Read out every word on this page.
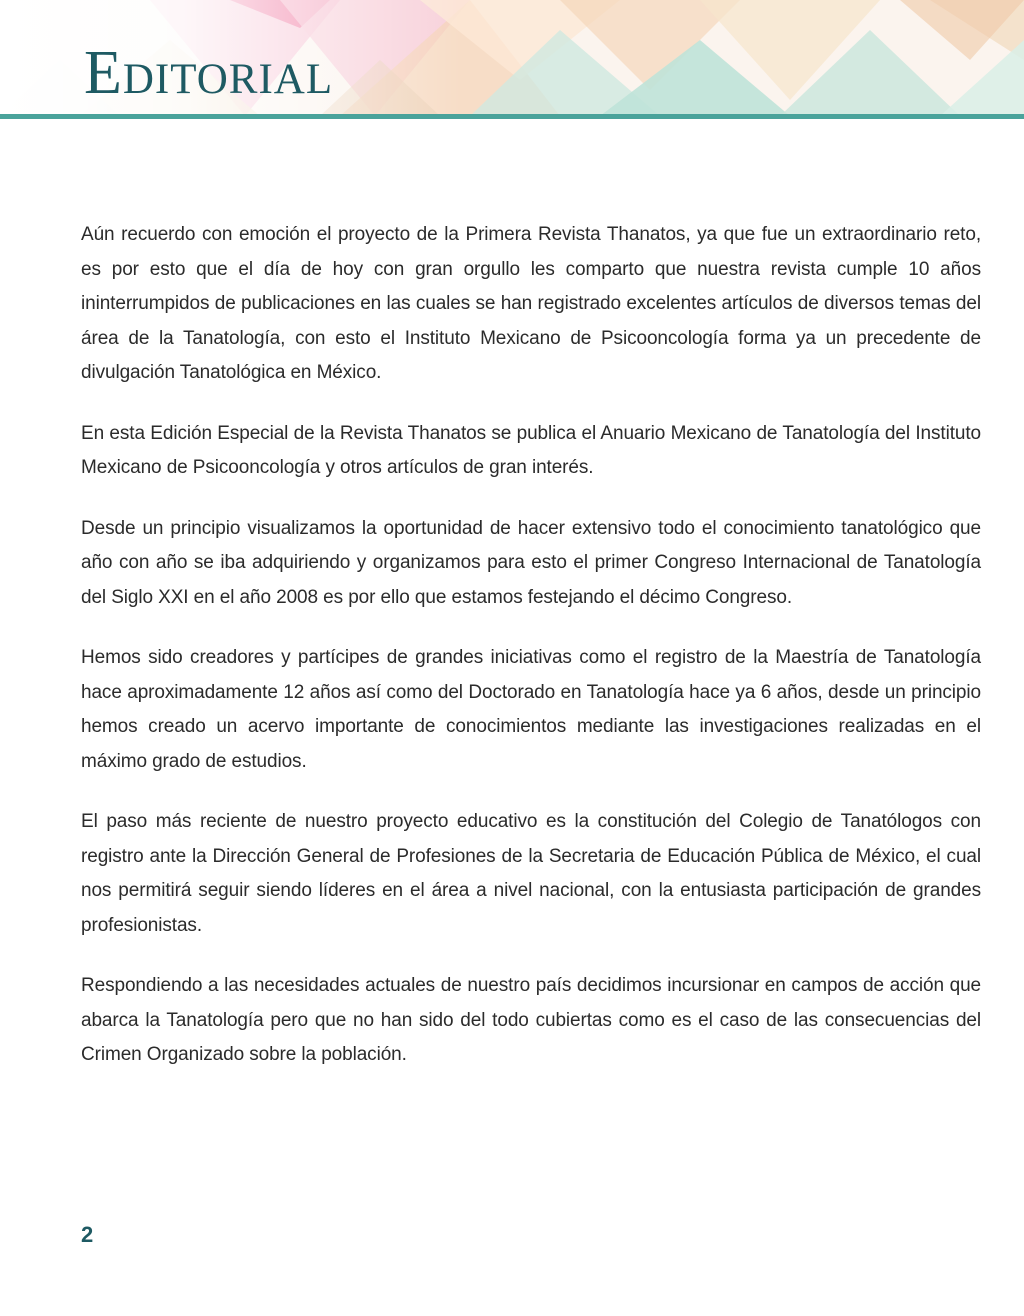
Editorial

Aún recuerdo con emoción el proyecto de la Primera Revista Thanatos, ya que fue un extraordinario reto, es por esto que el día de hoy con gran orgullo les comparto que nuestra revista cumple 10 años ininterrumpidos de publicaciones en las cuales se han registrado excelentes artículos de diversos temas del área de la Tanatología, con esto el Instituto Mexicano de Psicooncología forma ya un precedente de divulgación Tanatológica en México.

En esta Edición Especial de la Revista Thanatos se publica el Anuario Mexicano de Tanatología del Instituto Mexicano de Psicooncología y otros artículos de gran interés.

Desde un principio visualizamos la oportunidad de hacer extensivo todo el conocimiento tanatológico que año con año se iba adquiriendo y organizamos para esto el primer Congreso Internacional de Tanatología del Siglo XXI en el año 2008 es por ello que estamos festejando el décimo Congreso.

Hemos sido creadores y partícipes de grandes iniciativas como el registro de la Maestría de Tanatología hace aproximadamente 12 años así como del Doctorado en Tanatología hace ya 6 años, desde un principio hemos creado un acervo importante de conocimientos mediante las investigaciones realizadas en el máximo grado de estudios.

El paso más reciente de nuestro proyecto educativo es la constitución del Colegio de Tanatólogos con registro ante la Dirección General de Profesiones de la Secretaria de Educación Pública de México, el cual nos permitirá seguir siendo líderes en el área a nivel nacional, con la entusiasta participación de grandes profesionistas.

Respondiendo a las necesidades actuales de nuestro país decidimos incursionar en campos de acción que abarca la Tanatología pero que no han sido del todo cubiertas como es el caso de las consecuencias del Crimen Organizado sobre la población.

2
